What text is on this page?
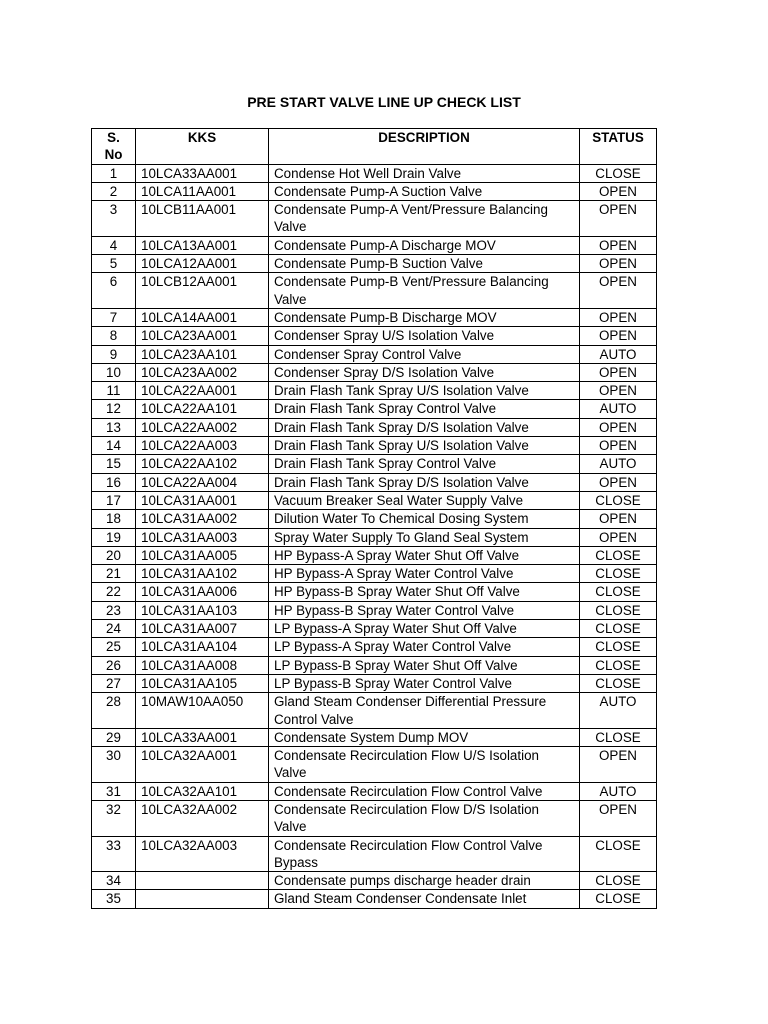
PRE START VALVE LINE UP CHECK LIST
S. No	KKS	DESCRIPTION	STATUS
1	10LCA33AA001	Condense Hot Well Drain Valve	CLOSE
2	10LCA11AA001	Condensate Pump-A Suction Valve	OPEN
3	10LCB11AA001	Condensate Pump-A Vent/Pressure Balancing Valve	OPEN
4	10LCA13AA001	Condensate Pump-A Discharge MOV	OPEN
5	10LCA12AA001	Condensate Pump-B Suction Valve	OPEN
6	10LCB12AA001	Condensate Pump-B Vent/Pressure Balancing Valve	OPEN
7	10LCA14AA001	Condensate Pump-B Discharge MOV	OPEN
8	10LCA23AA001	Condenser Spray U/S Isolation Valve	OPEN
9	10LCA23AA101	Condenser Spray Control Valve	AUTO
10	10LCA23AA002	Condenser Spray D/S Isolation Valve	OPEN
11	10LCA22AA001	Drain Flash Tank Spray U/S Isolation Valve	OPEN
12	10LCA22AA101	Drain Flash Tank Spray Control Valve	AUTO
13	10LCA22AA002	Drain Flash Tank Spray D/S Isolation Valve	OPEN
14	10LCA22AA003	Drain Flash Tank Spray U/S Isolation Valve	OPEN
15	10LCA22AA102	Drain Flash Tank Spray Control Valve	AUTO
16	10LCA22AA004	Drain Flash Tank Spray D/S Isolation Valve	OPEN
17	10LCA31AA001	Vacuum Breaker Seal Water Supply Valve	CLOSE
18	10LCA31AA002	Dilution Water To Chemical Dosing System	OPEN
19	10LCA31AA003	Spray Water Supply To Gland Seal System	OPEN
20	10LCA31AA005	HP Bypass-A Spray Water Shut Off Valve	CLOSE
21	10LCA31AA102	HP Bypass-A Spray Water Control Valve	CLOSE
22	10LCA31AA006	HP Bypass-B Spray Water Shut Off Valve	CLOSE
23	10LCA31AA103	HP Bypass-B Spray Water Control Valve	CLOSE
24	10LCA31AA007	LP Bypass-A Spray Water Shut Off Valve	CLOSE
25	10LCA31AA104	LP Bypass-A Spray Water Control Valve	CLOSE
26	10LCA31AA008	LP Bypass-B Spray Water Shut Off Valve	CLOSE
27	10LCA31AA105	LP Bypass-B Spray Water Control Valve	CLOSE
28	10MAW10AA050	Gland Steam Condenser Differential Pressure Control Valve	AUTO
29	10LCA33AA001	Condensate System Dump MOV	CLOSE
30	10LCA32AA001	Condensate Recirculation Flow U/S Isolation Valve	OPEN
31	10LCA32AA101	Condensate Recirculation Flow Control Valve	AUTO
32	10LCA32AA002	Condensate Recirculation Flow D/S Isolation Valve	OPEN
33	10LCA32AA003	Condensate Recirculation Flow Control Valve Bypass	CLOSE
34		Condensate pumps discharge header drain	CLOSE
35		Gland Steam Condenser Condensate Inlet	CLOSE
